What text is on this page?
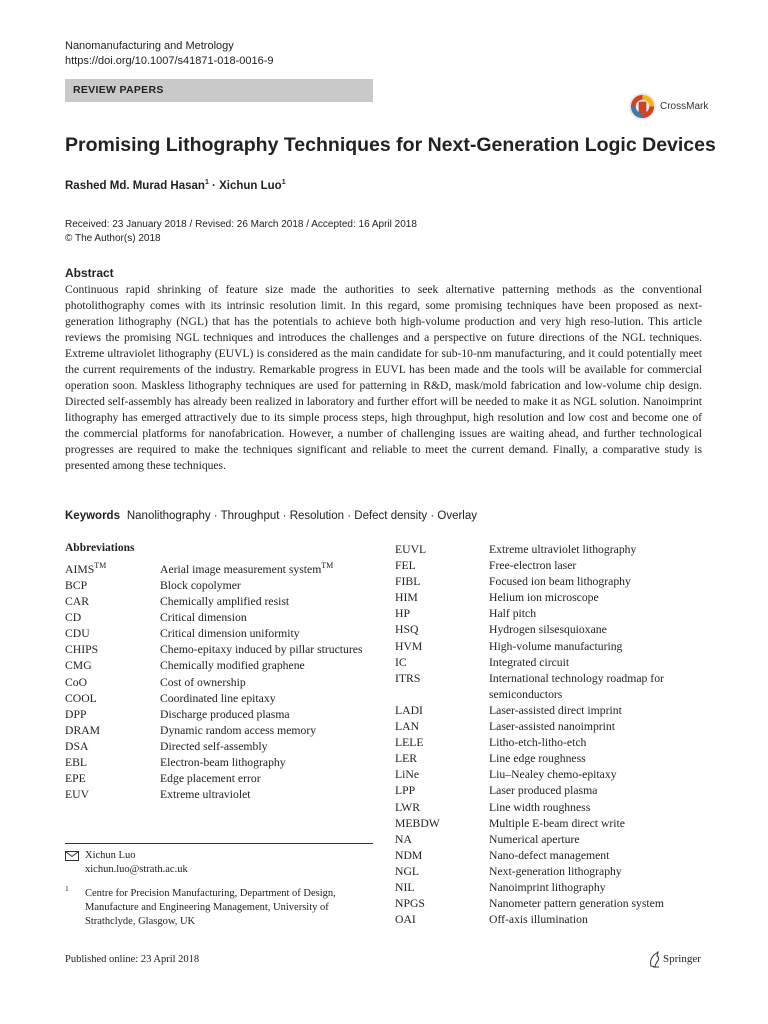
Nanomanufacturing and Metrology
https://doi.org/10.1007/s41871-018-0016-9
REVIEW PAPERS
CrossMark
Promising Lithography Techniques for Next-Generation Logic Devices
Rashed Md. Murad Hasan$^1$ · Xichun Luo$^1$
Received: 23 January 2018 / Revised: 26 March 2018 / Accepted: 16 April 2018
© The Author(s) 2018
Abstract
Continuous rapid shrinking of feature size made the authorities to seek alternative patterning methods as the conventional photolithography comes with its intrinsic resolution limit. In this regard, some promising techniques have been proposed as next-generation lithography (NGL) that has the potentials to achieve both high-volume production and very high reso-lution. This article reviews the promising NGL techniques and introduces the challenges and a perspective on future directions of the NGL techniques. Extreme ultraviolet lithography (EUVL) is considered as the main candidate for sub-10-nm manufacturing, and it could potentially meet the current requirements of the industry. Remarkable progress in EUVL has been made and the tools will be available for commercial operation soon. Maskless lithography techniques are used for patterning in R&D, mask/mold fabrication and low-volume chip design. Directed self-assembly has already been realized in laboratory and further effort will be needed to make it as NGL solution. Nanoimprint lithography has emerged attractively due to its simple process steps, high throughput, high resolution and low cost and become one of the commercial platforms for nanofabrication. However, a number of challenging issues are waiting ahead, and further technological progresses are required to make the techniques significant and reliable to meet the current demand. Finally, a comparative study is presented among these techniques.
Keywords Nanolithography · Throughput · Resolution · Defect density · Overlay
Abbreviations
AIMS™	Aerial image measurement system™
BCP	Block copolymer
CAR	Chemically amplified resist
CD	Critical dimension
CDU	Critical dimension uniformity
CHIPS	Chemo-epitaxy induced by pillar structures
CMG	Chemically modified graphene
CoO	Cost of ownership
COOL	Coordinated line epitaxy
DPP	Discharge produced plasma
DRAM	Dynamic random access memory
DSA	Directed self-assembly
EBL	Electron-beam lithography
EPE	Edge placement error
EUV	Extreme ultraviolet
EUVL	Extreme ultraviolet lithography
FEL	Free-electron laser
FIBL	Focused ion beam lithography
HIM	Helium ion microscope
HP	Half pitch
HSQ	Hydrogen silsesquioxane
HVM	High-volume manufacturing
IC	Integrated circuit
ITRS	International technology roadmap for semiconductors
LADI	Laser-assisted direct imprint
LAN	Laser-assisted nanoimprint
LELE	Litho-etch-litho-etch
LER	Line edge roughness
LiNe	Liu–Nealey chemo-epitaxy
LPP	Laser produced plasma
LWR	Line width roughness
MEBDW	Multiple E-beam direct write
NA	Numerical aperture
NDM	Nano-defect management
NGL	Next-generation lithography
NIL	Nanoimprint lithography
NPGS	Nanometer pattern generation system
OAI	Off-axis illumination
Xichun Luo
xichun.luo@strath.ac.uk
1 Centre for Precision Manufacturing, Department of Design, Manufacture and Engineering Management, University of Strathclyde, Glasgow, UK
Published online: 23 April 2018	Springer
